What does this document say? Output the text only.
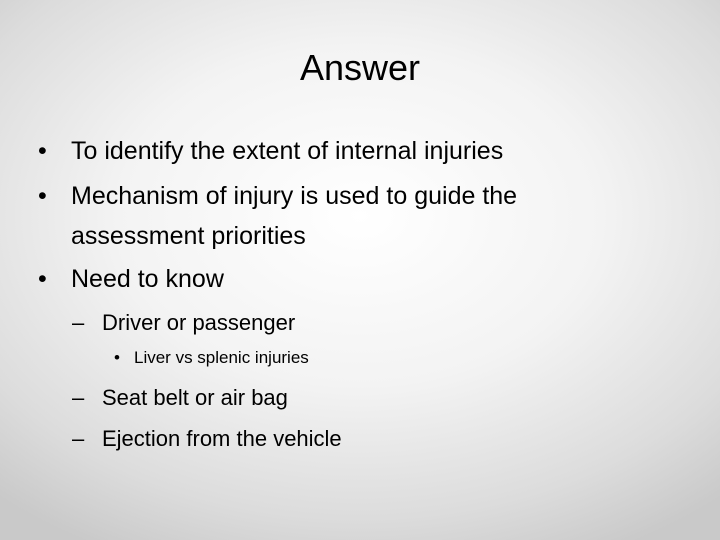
Answer
• To identify the extent of internal injuries
• Mechanism of injury is used to guide the
assessment priorities
• Need to know
– Driver or passenger
• Liver vs splenic injuries
– Seat belt or air bag
– Ejection from the vehicle
